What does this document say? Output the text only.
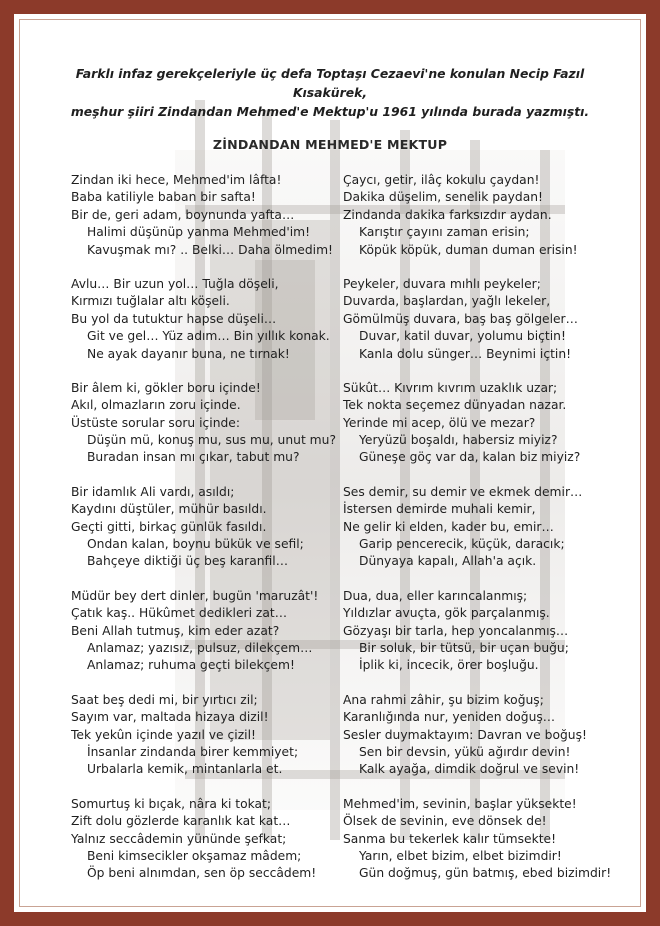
Farklı infaz gerekçeleriyle üç defa Toptaşı Cezaevi'ne konulan Necip Fazıl Kısakürek,
meşhur şiiri Zindandan Mehmed'e Mektup'u 1961 yılında burada yazmıştı.
ZİNDANDAN MEHMED'E MEKTUP
Zindan iki hece, Mehmed'im lâfta!
Baba katiliyle baban bir safta!
Bir de, geri adam, boynunda yafta…
Halimi düşünüp yanma Mehmed'im!
Kavuşmak mı? .. Belki… Daha ölmedim!
Avlu… Bir uzun yol… Tuğla döşeli,
Kırmızı tuğlalar altı köşeli.
Bu yol da tutuktur hapse düşeli…
Git ve gel… Yüz adım… Bin yıllık konak.
Ne ayak dayanır buna, ne tırnak!
Bir âlem ki, gökler boru içinde!
Akıl, olmazların zoru içinde.
Üstüste sorular soru içinde:
Düşün mü, konuş mu, sus mu, unut mu?
Buradan insan mı çıkar, tabut mu?
Bir idamlık Ali vardı, asıldı;
Kaydını düştüler, mühür basıldı.
Geçti gitti, birkaç günlük fasıldı.
Ondan kalan, boynu bükük ve sefil;
Bahçeye diktiği üç beş karanfil…
Müdür bey dert dinler, bugün 'maruzât'!
Çatık kaş.. Hükûmet dedikleri zat…
Beni Allah tutmuş, kim eder azat?
Anlamaz; yazısız, pulsuz, dilekçem…
Anlamaz; ruhuma geçti bilekçem!
Saat beş dedi mi, bir yırtıcı zil;
Sayım var, maltada hizaya dizil!
Tek yekûn içinde yazıl ve çizil!
İnsanlar zindanda birer kemmiyet;
Urbalarla kemik, mintanlarla et.
Somurtuş ki bıçak, nâra ki tokat;
Zift dolu gözlerde karanlık kat kat…
Yalnız seccâdemin yününde şefkat;
Beni kimsecikler okşamaz mâdem;
Öp beni alnımdan, sen öp seccâdem!
Çaycı, getir, ilâç kokulu çaydan!
Dakika düşelim, senelik paydan!
Zindanda dakika farksızdır aydan.
Karıştır çayını zaman erisin;
Köpük köpük, duman duman erisin!
Peykeler, duvara mıhlı peykeler;
Duvarda, başlardan, yağlı lekeler,
Gömülmüş duvara, baş baş gölgeler…
Duvar, katil duvar, yolumu biçtin!
Kanla dolu sünger… Beynimi içtin!
Sükût… Kıvrım kıvrım uzaklık uzar;
Tek nokta seçemez dünyadan nazar.
Yerinde mi acep, ölü ve mezar?
Yeryüzü boşaldı, habersiz miyiz?
Güneşe göç var da, kalan biz miyiz?
Ses demir, su demir ve ekmek demir…
İstersen demirde muhali kemir,
Ne gelir ki elden, kader bu, emir…
Garip pencerecik, küçük, daracık;
Dünyaya kapalı, Allah'a açık.
Dua, dua, eller karıncalanmış;
Yıldızlar avuçta, gök parçalanmış.
Gözyaşı bir tarla, hep yoncalanmış…
Bir soluk, bir tütsü, bir uçan buğu;
İplik ki, incecik, örer boşluğu.
Ana rahmi zâhir, şu bizim koğuş;
Karanlığında nur, yeniden doğuş…
Sesler duymaktayım: Davran ve boğuş!
Sen bir devsin, yükü ağırdır devin!
Kalk ayağa, dimdik doğrul ve sevin!
Mehmed'im, sevinin, başlar yüksekte!
Ölsek de sevinin, eve dönsek de!
Sanma bu tekerlek kalır tümsekte!
Yarın, elbet bizim, elbet bizimdir!
Gün doğmuş, gün batmış, ebed bizimdir!
